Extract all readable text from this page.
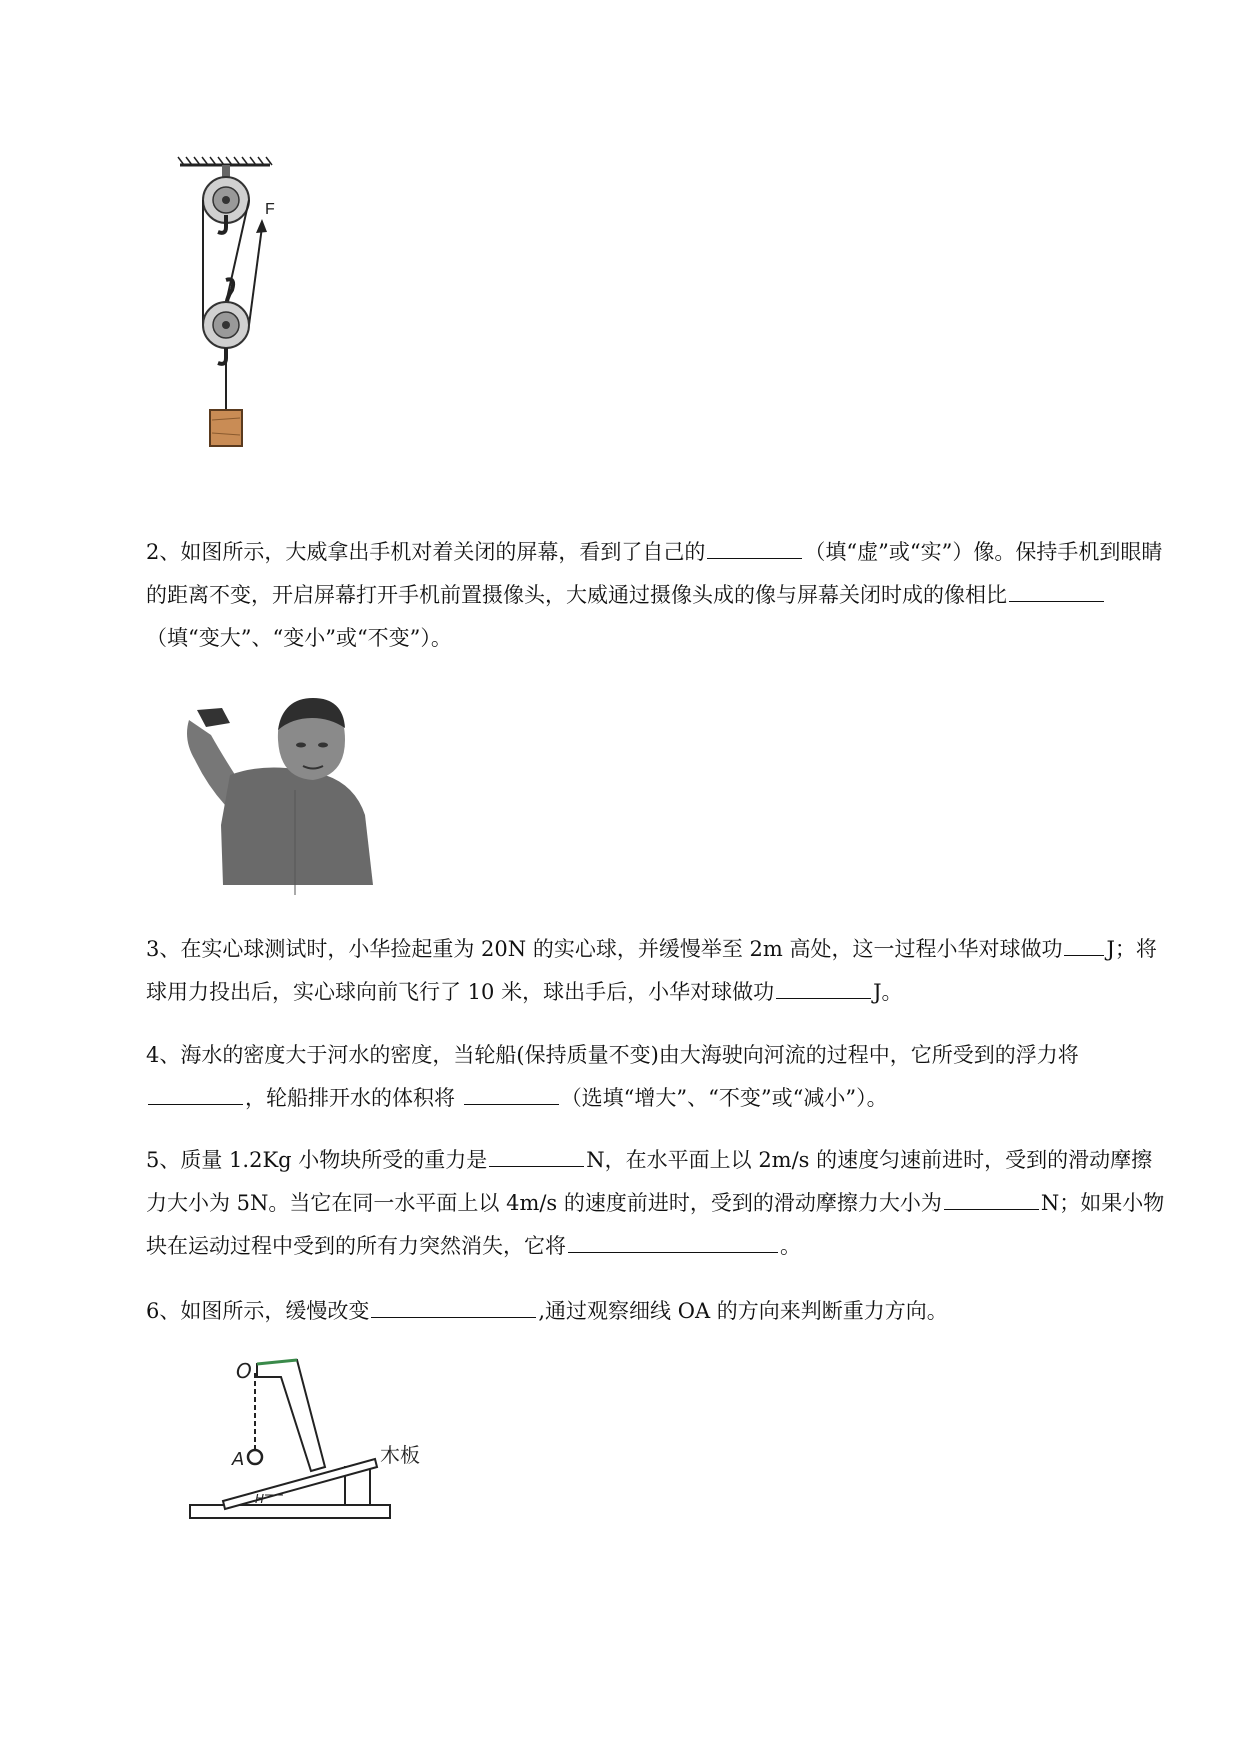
F
2、如图所示，大威拿出手机对着关闭的屏幕，看到了自己的	（填“虚”或“实”）像。保持手机到眼睛的距离不变，开启屏幕打开手机前置摄像头，大威通过摄像头成的像与屏幕关闭时成的像相比（填“变大”、“变小”或“不变”）。
3、在实心球测试时，小华捡起重为 20N 的实心球，并缓慢举至 2m 高处，这一过程小华对球做功 J；将球用力投出后，实心球向前飞行了 10 米，球出手后，小华对球做功	J。
4、海水的密度大于河水的密度，当轮船(保持质量不变)由大海驶向河流的过程中，它所受到的浮力将，轮船排开水的体积将	（选填“增大”、“不变”或“减小”）。
5、质量 1.2Kg 小物块所受的重力是	N，在水平面上以 2m/s 的速度匀速前进时，受到的滑动摩擦力大小为 5N。当它在同一水平面上以 4m/s 的速度前进时，受到的滑动摩擦力大小为	N；如果小物块在运动过程中受到的所有力突然消失，它将	。
6、如图所示，缓慢改变	,通过观察细线 OA 的方向来判断重力方向。
H
O
A	木板
